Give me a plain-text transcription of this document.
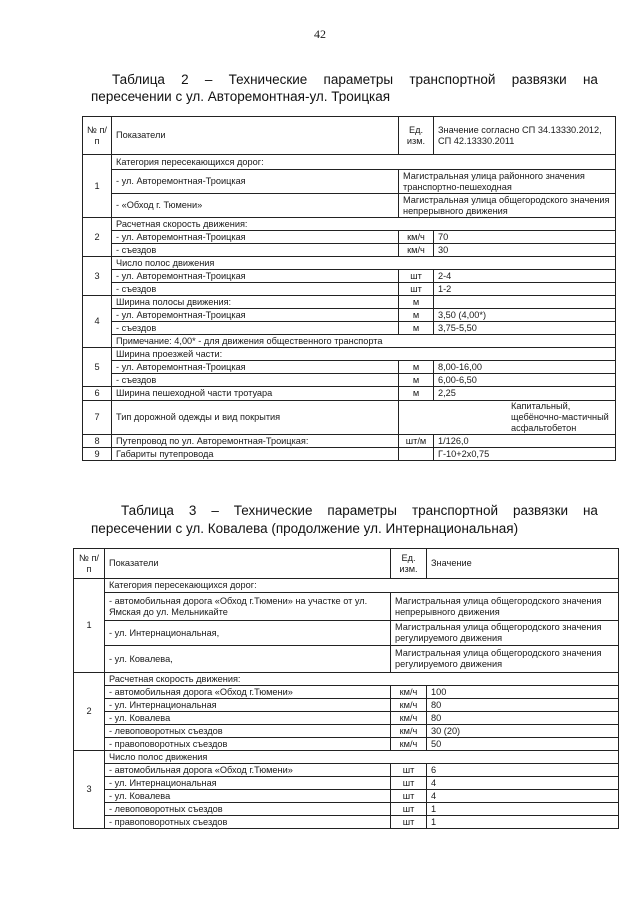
42
Таблица 2 – Технические параметры транспортной развязки на
пересечении с ул. Авторемонтная-ул. Троицкая
№ п/п	Показатели	Ед. изм.	Значение согласно СП 34.13330.2012, СП 42.13330.2011
1	Категория пересекающихся дорог:		
	- ул. Авторемонтная-Троицкая	Магистральная улица районного значения транспортно-пешеходная	
	- «Обход г. Тюмени»	Магистральная улица общегородского значения непрерывного движения	
2	Расчетная скорость движения:		
	- ул. Авторемонтная-Троицкая	км/ч	70
	- съездов	км/ч	30
3	Число полос движения		
	- ул. Авторемонтная-Троицкая	шт	2-4
	- съездов	шт	1-2
4	Ширина полосы движения:	м	
	- ул. Авторемонтная-Троицкая	м	3,50 (4,00*)
	- съездов	м	3,75-5,50
	Примечание: 4,00* - для движения общественного транспорта		
5	Ширина проезжей части:		
	- ул. Авторемонтная-Троицкая	м	8,00-16,00
	- съездов	м	6,00-6,50
6	Ширина пешеходной части тротуара	м	2,25
7	Тип дорожной одежды и вид покрытия	Капитальный, щебёночно-мастичный асфальтобетон	
8	Путепровод по ул. Авторемонтная-Троицкая:	шт/м	1/126,0
9	Габариты путепровода		Г-10+2х0,75
Таблица 3 – Технические параметры транспортной развязки на
пересечении с ул. Ковалева (продолжение ул. Интернациональная)
№ п/п	Показатели	Ед. изм.	Значение
1	Категория пересекающихся дорог:		
	- автомобильная дорога «Обход г.Тюмени» на участке от ул. Ямская до ул. Мельникайте	Магистральная улица общегородского значения непрерывного движения	
	- ул. Интернациональная,	Магистральная улица общегородского значения регулируемого движения	
	- ул. Ковалева,	Магистральная улица общегородского значения регулируемого движения	
2	Расчетная скорость движения:		
	- автомобильная дорога «Обход г.Тюмени»	км/ч	100
	- ул. Интернациональная	км/ч	80
	- ул. Ковалева	км/ч	80
	- левоповоротных съездов	км/ч	30 (20)
	- правоповоротных съездов	км/ч	50
3	Число полос движения		
	- автомобильная дорога «Обход г.Тюмени»	шт	6
	- ул. Интернациональная	шт	4
	- ул. Ковалева	шт	4
	- левоповоротных съездов	шт	1
	- правоповоротных съездов	шт	1
